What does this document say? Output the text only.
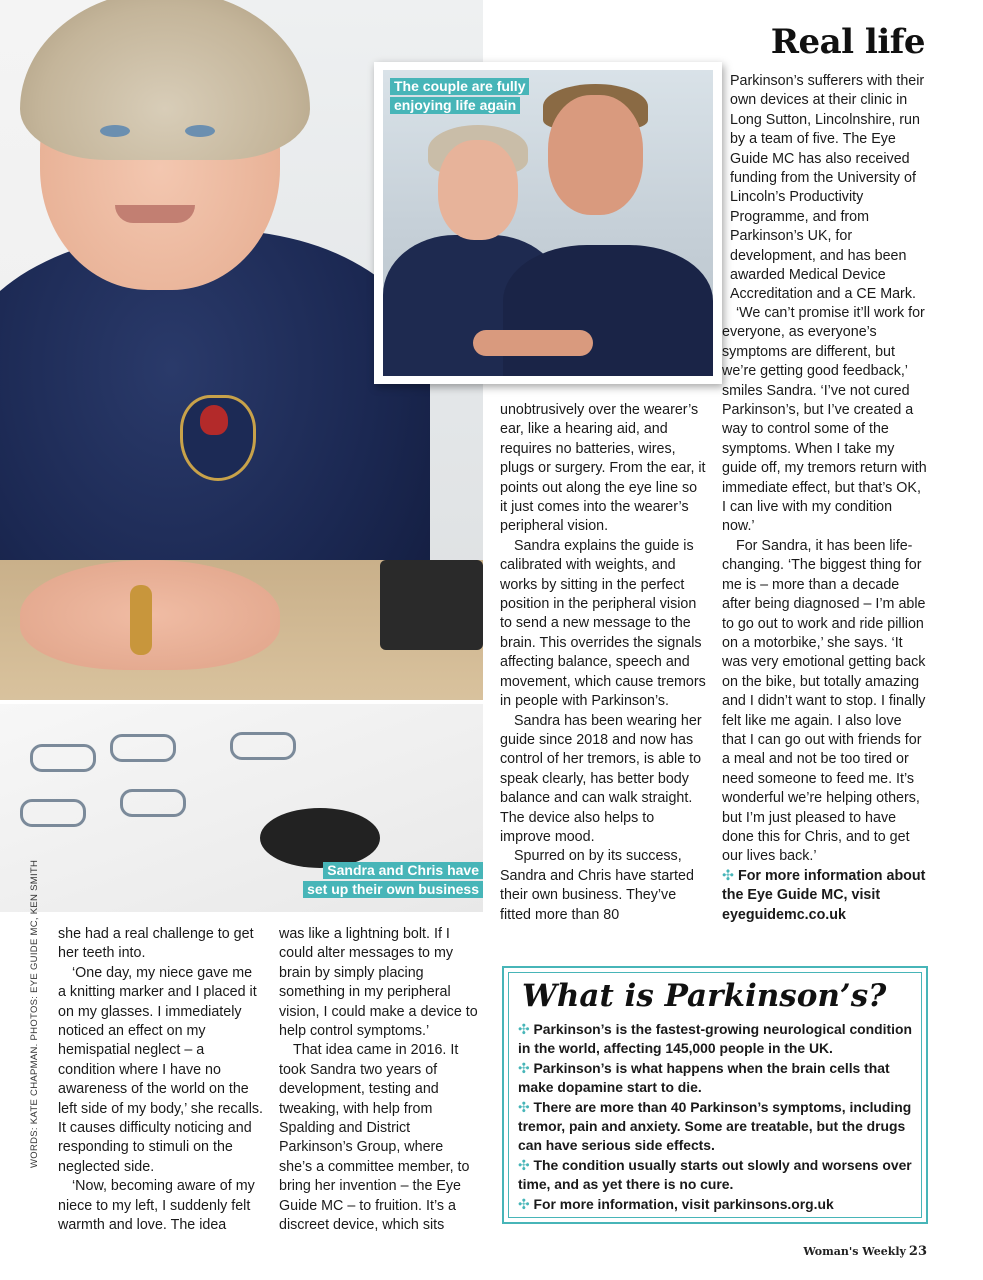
Sandra and Chris have
set up their own business
The couple are fully
enjoying life again
Real life

she had a real challenge to get her teeth into.

‘One day, my niece gave me a knitting marker and I placed it on my glasses. I immediately noticed an effect on my hemispatial neglect – a condition where I have no awareness of the world on the left side of my body,’ she recalls. It causes difficulty noticing and responding to stimuli on the neglected side.

‘Now, becoming aware of my niece to my left, I suddenly felt warmth and love. The idea

was like a lightning bolt. If I could alter messages to my brain by simply placing something in my peripheral vision, I could make a device to help control symptoms.’

That idea came in 2016. It took Sandra two years of development, testing and tweaking, with help from Spalding and District Parkinson’s Group, where she’s a committee member, to bring her invention – the Eye Guide MC – to fruition. It’s a discreet device, which sits

unobtrusively over the wearer’s ear, like a hearing aid, and requires no batteries, wires, plugs or surgery. From the ear, it points out along the eye line so it just comes into the wearer’s peripheral vision.

Sandra explains the guide is calibrated with weights, and works by sitting in the perfect position in the peripheral vision to send a new message to the brain. This overrides the signals affecting balance, speech and movement, which cause tremors in people with Parkinson’s.

Sandra has been wearing her guide since 2018 and now has control of her tremors, is able to speak clearly, has better body balance and can walk straight. The device also helps to improve mood.

Spurred on by its success, Sandra and Chris have started their own business. They’ve fitted more than 80

Parkinson’s sufferers with their own devices at their clinic in Long Sutton, Lincolnshire, run by a team of five. The Eye Guide MC has also received funding from the University of Lincoln’s Productivity Programme, and from Parkinson’s UK, for development, and has been awarded Medical Device Accreditation and a CE Mark.

‘We can’t promise it’ll work for everyone, as everyone’s symptoms are different, but we’re getting good feedback,’ smiles Sandra. ‘I’ve not cured Parkinson’s, but I’ve created a way to control some of the symptoms. When I take my guide off, my tremors return with immediate effect, but that’s OK, I can live with my condition now.’

For Sandra, it has been life-changing. ‘The biggest thing for me is – more than a decade after being diagnosed – I’m able to go out to work and ride pillion on a motorbike,’ she says. ‘It was very emotional getting back on the bike, but totally amazing and I didn’t want to stop. I finally felt like me again. I also love that I can go out with friends for a meal and not be too tired or need someone to feed me. It’s wonderful we’re helping others, but I’m just pleased to have done this for Chris, and to get our lives back.’

✣ For more information about the Eye Guide MC, visit eyeguidemc.co.uk

WORDS: KATE CHAPMAN. PHOTOS: EYE GUIDE MC, KEN SMITH	What is Parkinson’s?
✣ Parkinson’s is the fastest-growing neurological condition in the world, affecting 145,000 people in the UK.
✣ Parkinson’s is what happens when the brain cells that make dopamine start to die.
✣ There are more than 40 Parkinson’s symptoms, including tremor, pain and anxiety. Some are treatable, but the drugs can have serious side effects.
✣ The condition usually starts out slowly and worsens over time, and as yet there is no cure.
✣ For more information, visit parkinsons.org.uk
Woman's Weekly 23
